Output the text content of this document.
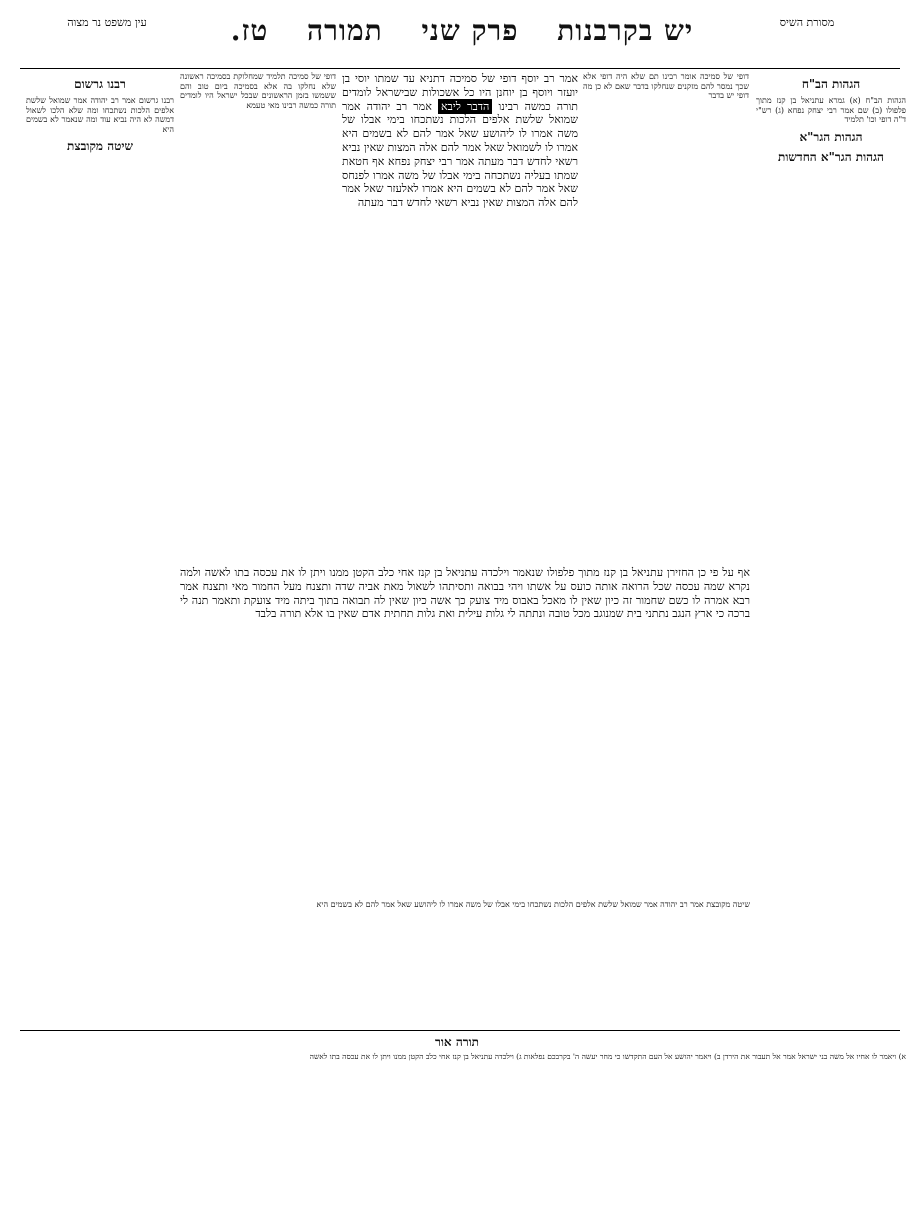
מסורת השיס
יש בקרבנות פרק שני תמורה טז.
עין משפט נר מצוה
הגהות הב"ח
הגהות הב"ח (א) גמרא עתניאל בן קנז מתוך פלפולו (ב) שם אמר רבי יצחק נפחא (ג) רש"י ד"ה דופי וכו' תלמיד
הגהות הגר"א
הגהות הגר"א החדשות
דופי של סמיכה אומר רבינו תם שלא היה דופי אלא שכך נמסר להם מזקנים שנחלקו בדבר שאם לא כן מה דופי יש בדבר
אמר רב יוסף דופי של סמיכה דתניא עד שמתו יוסי בן יועזר ויוסף בן יוחנן היו כל אשכולות שבישראל לומדים תורה כמשה רבינו הדבר ליבא אמר רב יהודה אמר שמואל שלשת אלפים הלכות נשתכחו בימי אבלו של משה אמרו לו ליהושע שאל אמר להם לא בשמים היא אמרו לו לשמואל שאל אמר להם אלה המצות שאין נביא רשאי לחדש דבר מעתה אמר רבי יצחק נפחא אף חטאת שמתו בעליה נשתכחה בימי אבלו של משה אמרו לפנחס שאל אמר להם לא בשמים היא אמרו לאלעזר שאל אמר להם אלה המצות שאין נביא רשאי לחדש דבר מעתה
דופי של סמיכה תלמיד שמחלוקת בסמיכה ראשונה שלא נחלקו בה אלא בסמיכה ביום טוב והם ששמשו בזמן הראשונים שבכל ישראל היו לומדים תורה כמשה רבינו מאי טעמא
רבנו גרשום
רבנו גרשום אמר רב יהודה אמר שמואל שלשת אלפים הלכות נשתכחו ומה שלא הלכו לשאול דמשה לא היה נביא עוד ומה שנאמר לא בשמים היא
שיטה מקובצת
אף על פי כן החזירן עתניאל בן קנז מתוך פלפולו שנאמר וילכדה עתניאל בן קנז אחי כלב הקטן ממנו ויתן לו את עכסה בתו לאשה ולמה נקרא שמה עכסה שכל הרואה אותה כועס על אשתו ויהי בבואה ותסיתהו לשאול מאת אביה שדה ותצנח מעל החמור מאי ותצנח אמר רבא אמרה לו כשם שחמור זה כיון שאין לו מאכל באבוס מיד צועק כך אשה כיון שאין לה תבואה בתוך ביתה מיד צועקת ותאמר תנה לי ברכה כי ארץ הנגב נתתני בית שמנוגב מכל טובה ונתתה לי גלות עילית ואת גלות תחתית אדם שאין בו אלא תורה בלבד
שיטה מקובצת אמר רב יהודה אמר שמואל שלשת אלפים הלכות נשתכחו בימי אבלו של משה אמרו לו ליהושע שאל אמר להם לא בשמים היא
תורה אור
א) ויאמר לו אחיו אל משה בני ישראל אמר אל תעבור את הירדן ב) ויאמר יהושע אל העם התקדשו כי מחר יעשה ה' בקרבכם נפלאות ג) וילכדה עתניאל בן קנז אחי כלב הקטן ממנו ויתן לו את עכסה בתו לאשה
